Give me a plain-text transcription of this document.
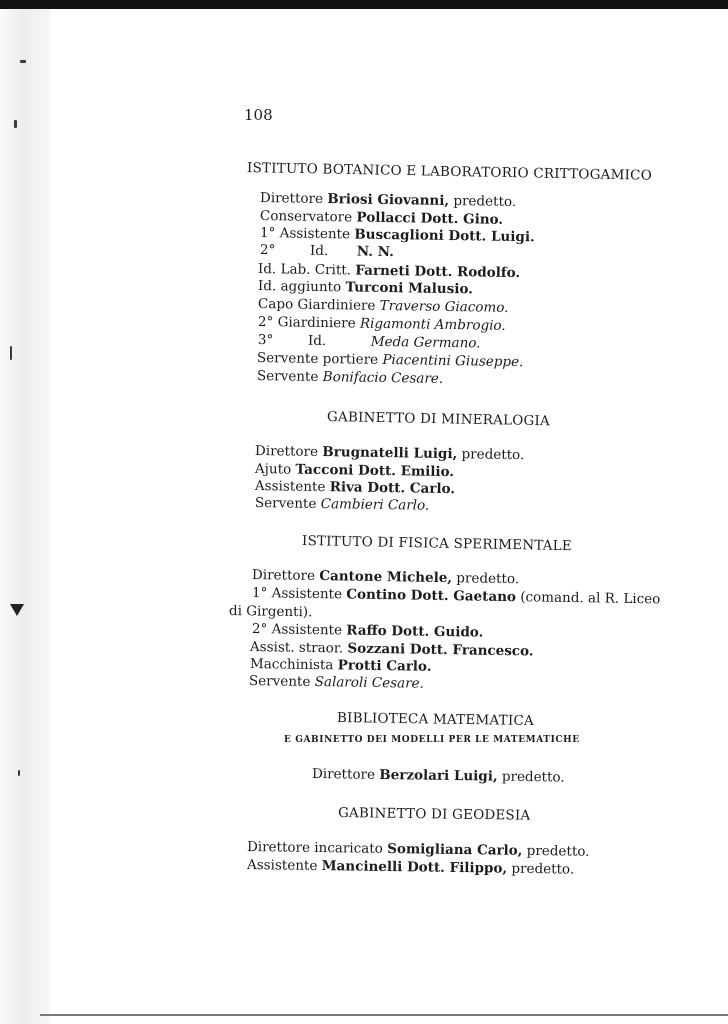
108
ISTITUTO BOTANICO E LABORATORIO CRITTOGAMICO
Direttore Briosi Giovanni, predetto.
Conservatore Pollacci Dott. Gino.
1° Assistente Buscaglioni Dott. Luigi.
2°	Id. N. N.
Id. Lab. Critt. Farneti Dott. Rodolfo.
Id. aggiunto Turconi Malusio.
Capo Giardiniere Traverso Giacomo.
2° Giardiniere Rigamonti Ambrogio.
3°	Id.	Meda Germano.
Servente portiere Piacentini Giuseppe.
Servente Bonifacio Cesare.
GABINETTO DI MINERALOGIA
Direttore Brugnatelli Luigi, predetto.
Ajuto Tacconi Dott. Emilio.
Assistente Riva Dott. Carlo.
Servente Cambieri Carlo.
ISTITUTO DI FISICA SPERIMENTALE
Direttore Cantone Michele, predetto.
1° Assistente Contino Dott. Gaetano (comand. al R. Liceo
di Girgenti).
2° Assistente Raffo Dott. Guido.
Assist. straor. Sozzani Dott. Francesco.
Macchinista Protti Carlo.
Servente Salaroli Cesare.
BIBLIOTECA MATEMATICA
E GABINETTO DEI MODELLI PER LE MATEMATICHE
Direttore Berzolari Luigi, predetto.
GABINETTO DI GEODESIA
Direttore incaricato Somigliana Carlo, predetto.
Assistente Mancinelli Dott. Filippo, predetto.
